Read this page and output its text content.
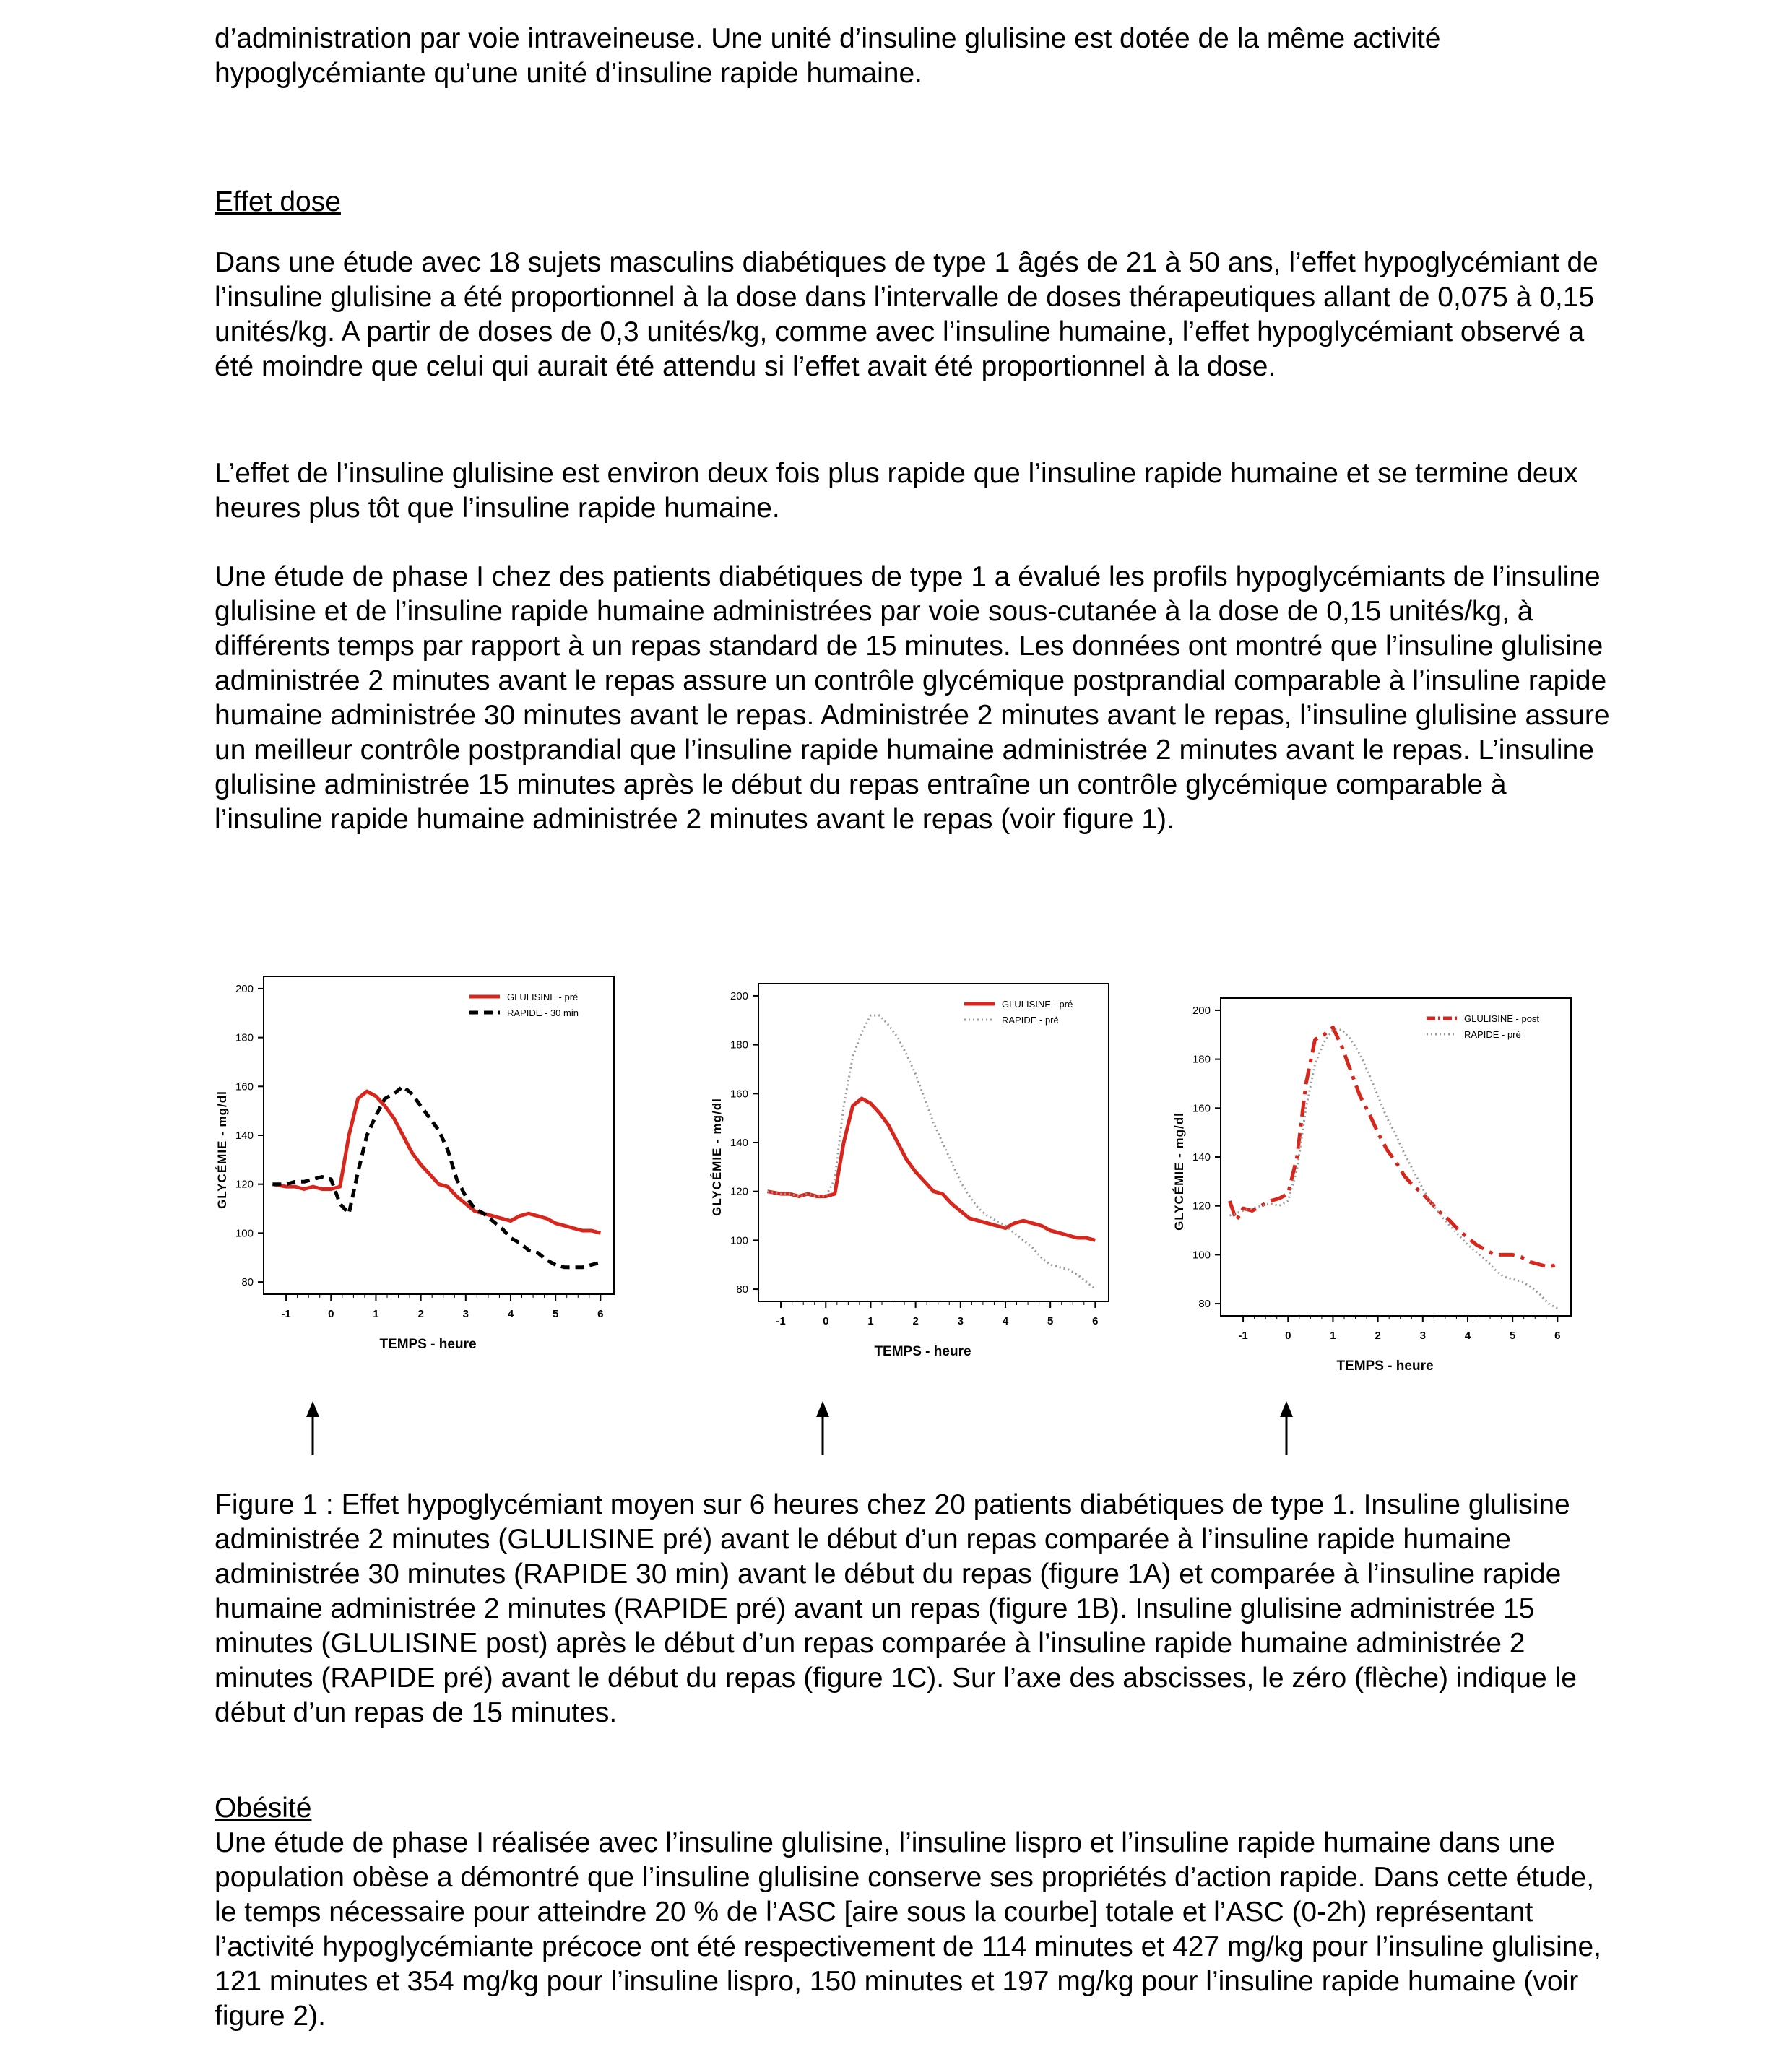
d’administration par voie intraveineuse. Une unité d’insuline glulisine est dotée de la même activité hypoglycémiante qu’une unité d’insuline rapide humaine.

Effet dose

Dans une étude avec 18 sujets masculins diabétiques de type 1 âgés de 21 à 50 ans, l’effet hypoglycémiant de l’insuline glulisine a été proportionnel à la dose dans l’intervalle de doses thérapeutiques allant de 0,075 à 0,15 unités/kg. A partir de doses de 0,3 unités/kg, comme avec l’insuline humaine, l’effet hypoglycémiant observé a été moindre que celui qui aurait été attendu si l’effet avait été proportionnel à la dose.

L’effet de l’insuline glulisine est environ deux fois plus rapide que l’insuline rapide humaine et se termine deux heures plus tôt que l’insuline rapide humaine.

Une étude de phase I chez des patients diabétiques de type 1 a évalué les profils hypoglycémiants de l’insuline glulisine et de l’insuline rapide humaine administrées par voie sous-cutanée à la dose de 0,15 unités/kg, à différents temps par rapport à un repas standard de 15 minutes. Les données ont montré que l’insuline glulisine administrée 2 minutes avant le repas assure un contrôle glycémique postprandial comparable à l’insuline rapide humaine administrée 30 minutes avant le repas. Administrée 2 minutes avant le repas, l’insuline glulisine assure un meilleur contrôle postprandial que l’insuline rapide humaine administrée 2 minutes avant le repas. L’insuline glulisine administrée 15 minutes après le début du repas entraîne un contrôle glycémique comparable à l’insuline rapide humaine administrée 2 minutes avant le repas (voir figure 1).

80
100
120
140
160
180
200
-1	0	1	2	3	4	5	6
TEMPS - heure
GLYCÉMIE - mg/dl
GLULISINE - pré
RAPIDE - 30 min
80
100
120
140
160
180
200
-1	0	1	2	3	4	5	6
TEMPS - heure
GLYCÉMIE - mg/dl
GLULISINE - pré
RAPIDE - pré
80
100
120
140
160
180
200
-1	0	1	2	3	4	5	6
TEMPS - heure
GLYCÉMIE - mg/dl
GLULISINE - post
RAPIDE - pré

Figure 1 : Effet hypoglycémiant moyen sur 6 heures chez 20 patients diabétiques de type 1. Insuline glulisine administrée 2 minutes (GLULISINE pré) avant le début d’un repas comparée à l’insuline rapide humaine administrée 30 minutes (RAPIDE 30 min) avant le début du repas (figure 1A) et comparée à l’insuline rapide humaine administrée 2 minutes (RAPIDE pré) avant un repas (figure 1B). Insuline glulisine administrée 15 minutes (GLULISINE post) après le début d’un repas comparée à l’insuline rapide humaine administrée 2 minutes (RAPIDE pré) avant le début du repas (figure 1C). Sur l’axe des abscisses, le zéro (flèche) indique le début d’un repas de 15 minutes.

Obésité

Une étude de phase I réalisée avec l’insuline glulisine, l’insuline lispro et l’insuline rapide humaine dans une population obèse a démontré que l’insuline glulisine conserve ses propriétés d’action rapide. Dans cette étude, le temps nécessaire pour atteindre 20 % de l’ASC [aire sous la courbe] totale et l’ASC (0-2h) représentant l’activité hypoglycémiante précoce ont été respectivement de 114 minutes et 427 mg/kg pour l’insuline glulisine, 121 minutes et 354 mg/kg pour l’insuline lispro, 150 minutes et 197 mg/kg pour l’insuline rapide humaine (voir figure 2).
